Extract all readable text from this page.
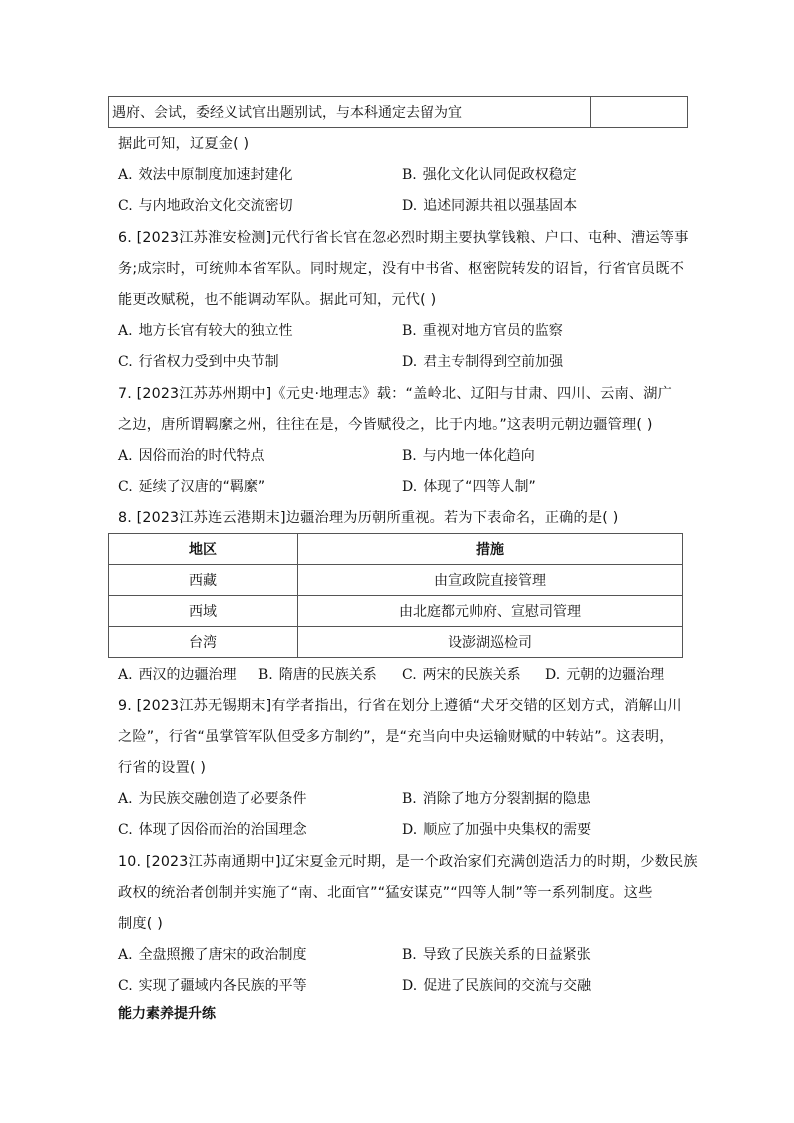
遇府、会试，委经义试官出题别试，与本科通定去留为宜	
据此可知，辽夏金( )
A. 效法中原制度加速封建化	B. 强化文化认同促政权稳定
C. 与内地政治文化交流密切	D. 追述同源共祖以强基固本
6. [2023江苏淮安检测]元代行省长官在忽必烈时期主要执掌钱粮、户口、屯种、漕运等事
务;成宗时，可统帅本省军队。同时规定，没有中书省、枢密院转发的诏旨，行省官员既不
能更改赋税，也不能调动军队。据此可知，元代( )
A. 地方长官有较大的独立性	B. 重视对地方官员的监察
C. 行省权力受到中央节制	D. 君主专制得到空前加强
7. [2023江苏苏州期中]《元史·地理志》载：“盖岭北、辽阳与甘肃、四川、云南、湖广
之边，唐所谓羁縻之州，往往在是，今皆赋役之，比于内地。”这表明元朝边疆管理( )
A. 因俗而治的时代特点	B. 与内地一体化趋向
C. 延续了汉唐的“羁縻”	D. 体现了“四等人制”
8. [2023江苏连云港期末]边疆治理为历朝所重视。若为下表命名，正确的是( )
地区	措施
西藏	由宣政院直接管理
西域	由北庭都元帅府、宣慰司管理
台湾	设澎湖巡检司
A. 西汉的边疆治理 B. 隋唐的民族关系 C. 两宋的民族关系 D. 元朝的边疆治理
9. [2023江苏无锡期末]有学者指出，行省在划分上遵循“犬牙交错的区划方式，消解山川
之险”，行省“虽掌管军队但受多方制约”，是“充当向中央运输财赋的中转站”。这表明，
行省的设置( )
A. 为民族交融创造了必要条件	B. 消除了地方分裂割据的隐患
C. 体现了因俗而治的治国理念	D. 顺应了加强中央集权的需要
10. [2023江苏南通期中]辽宋夏金元时期，是一个政治家们充满创造活力的时期，少数民族
政权的统治者创制并实施了“南、北面官”“猛安谋克”“四等人制”等一系列制度。这些
制度( )
A. 全盘照搬了唐宋的政治制度	B. 导致了民族关系的日益紧张
C. 实现了疆域内各民族的平等	D. 促进了民族间的交流与交融
能力素养提升练
